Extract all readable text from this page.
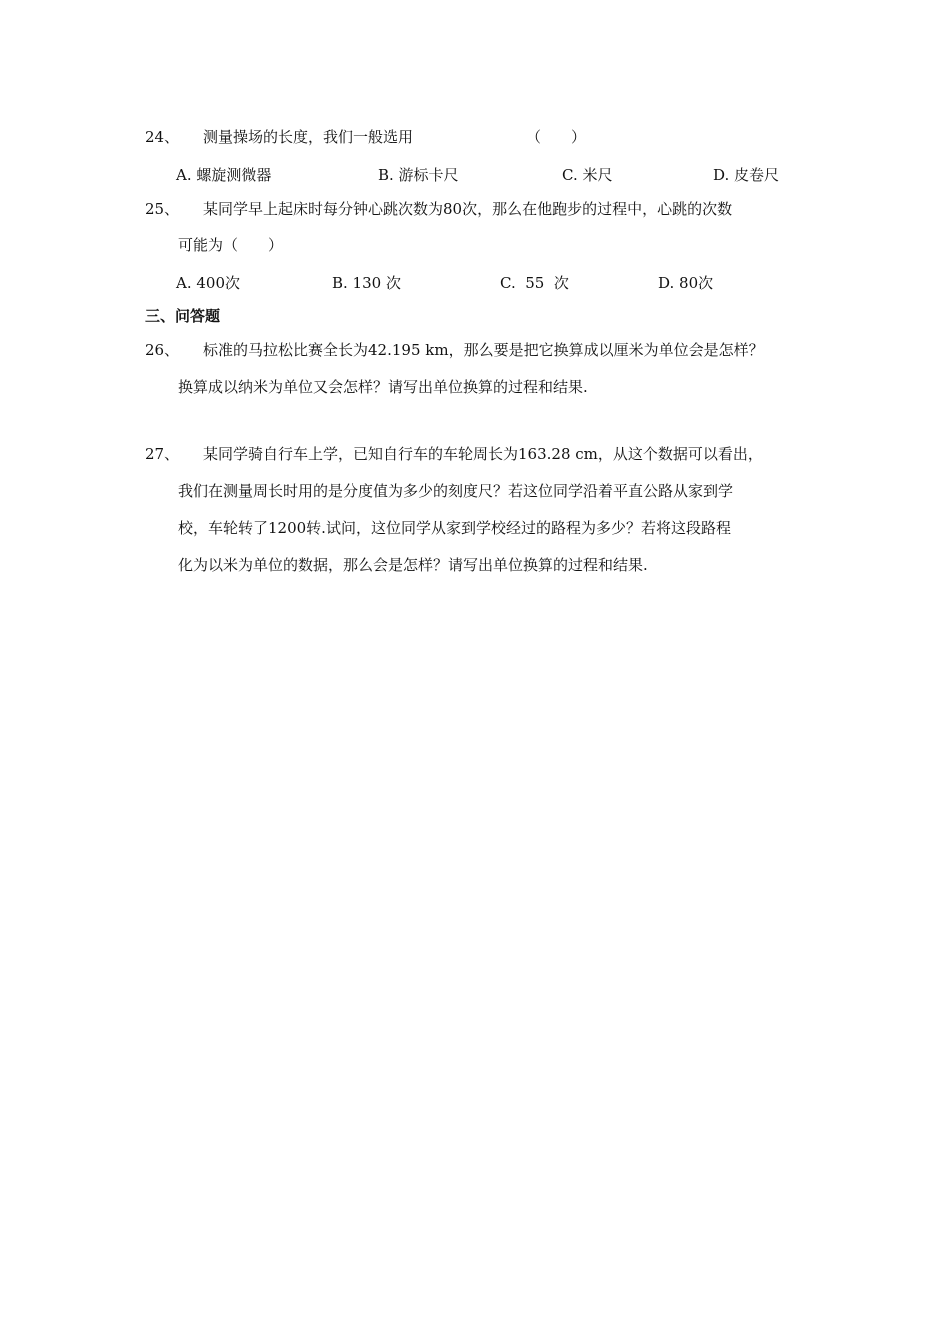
24、 测量操场的长度，我们一般选用	（　　）
A. 螺旋测微器	B. 游标卡尺	C. 米尺	D. 皮卷尺
25、 某同学早上起床时每分钟心跳次数为80次，那么在他跑步的过程中，心跳的次数
可能为（　　）
A. 400次	B. 130 次	C.  55  次	D. 80次
三、问答题
26、 标准的马拉松比赛全长为42.195 km，那么要是把它换算成以厘米为单位会是怎样？
换算成以纳米为单位又会怎样？请写出单位换算的过程和结果.
27、 某同学骑自行车上学，已知自行车的车轮周长为163.28 cm，从这个数据可以看出，
我们在测量周长时用的是分度值为多少的刻度尺？若这位同学沿着平直公路从家到学
校，车轮转了1200转.试问，这位同学从家到学校经过的路程为多少？若将这段路程
化为以米为单位的数据，那么会是怎样？请写出单位换算的过程和结果.
